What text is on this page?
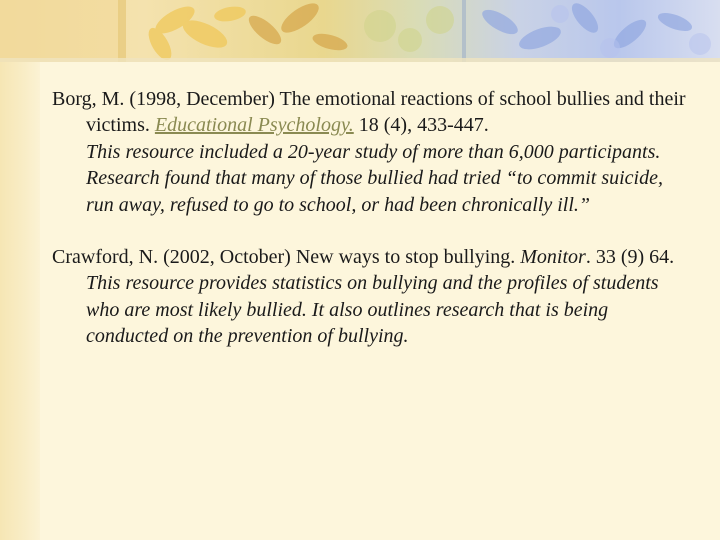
Borg, M. (1998, December) The emotional reactions of school bullies and their victims. Educational Psychology. 18 (4), 433-447.

This resource included a 20-year study of more than 6,000 participants. Research found that many of those bullied had tried “to commit suicide, run away, refused to go to school, or had been chronically ill.”

Crawford, N. (2002, October) New ways to stop bullying. Monitor. 33 (9) 64.

This resource provides statistics on bullying and the profiles of students who are most likely bullied. It also outlines research that is being conducted on the prevention of bullying.
